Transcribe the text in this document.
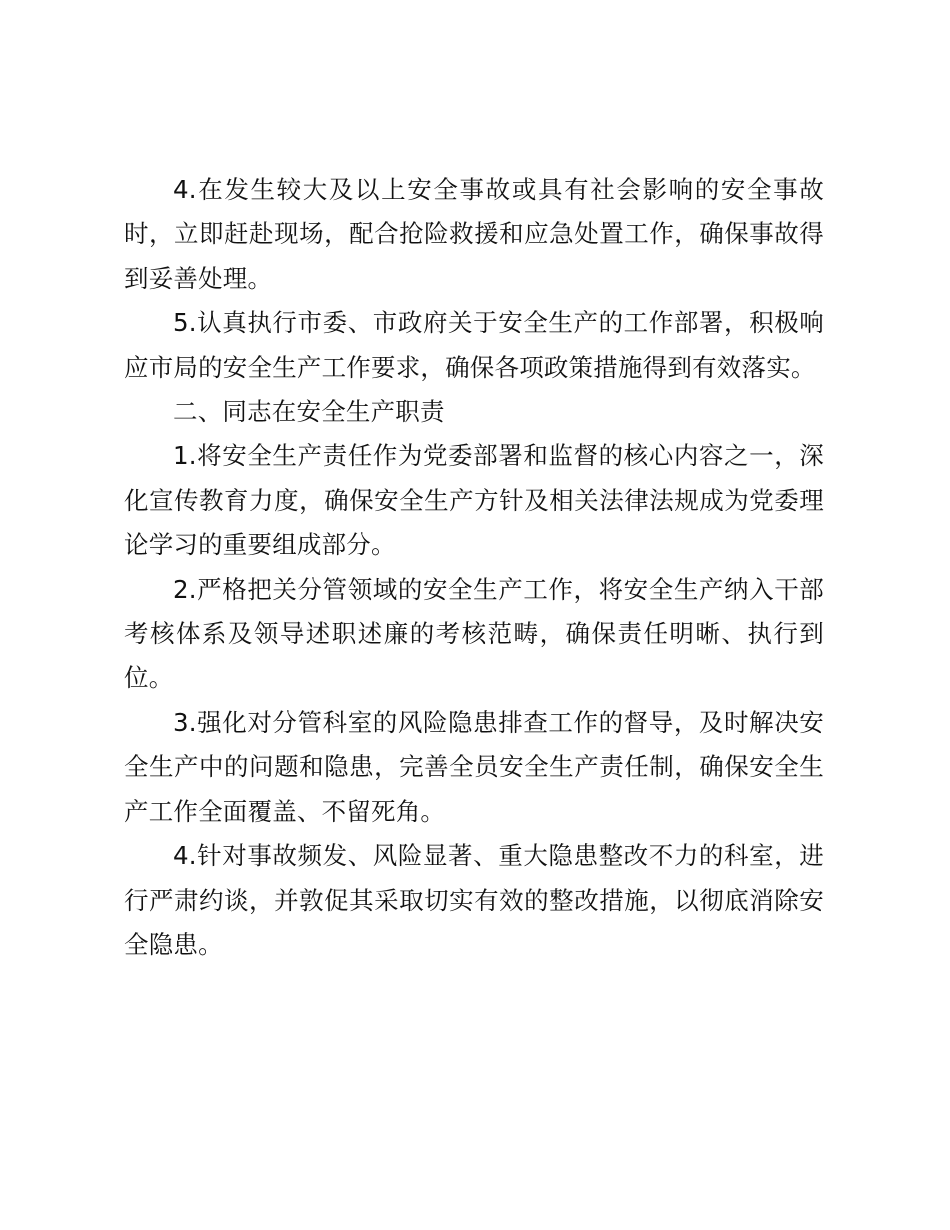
4.在发生较大及以上安全事故或具有社会影响的安全事故时，立即赶赴现场，配合抢险救援和应急处置工作，确保事故得到妥善处理。

5.认真执行市委、市政府关于安全生产的工作部署，积极响应市局的安全生产工作要求，确保各项政策措施得到有效落实。

二、同志在安全生产职责

1.将安全生产责任作为党委部署和监督的核心内容之一，深化宣传教育力度，确保安全生产方针及相关法律法规成为党委理论学习的重要组成部分。

2.严格把关分管领域的安全生产工作，将安全生产纳入干部考核体系及领导述职述廉的考核范畴，确保责任明晰、执行到位。

3.强化对分管科室的风险隐患排查工作的督导，及时解决安全生产中的问题和隐患，完善全员安全生产责任制，确保安全生产工作全面覆盖、不留死角。

4.针对事故频发、风险显著、重大隐患整改不力的科室，进行严肃约谈，并敦促其采取切实有效的整改措施，以彻底消除安全隐患。
